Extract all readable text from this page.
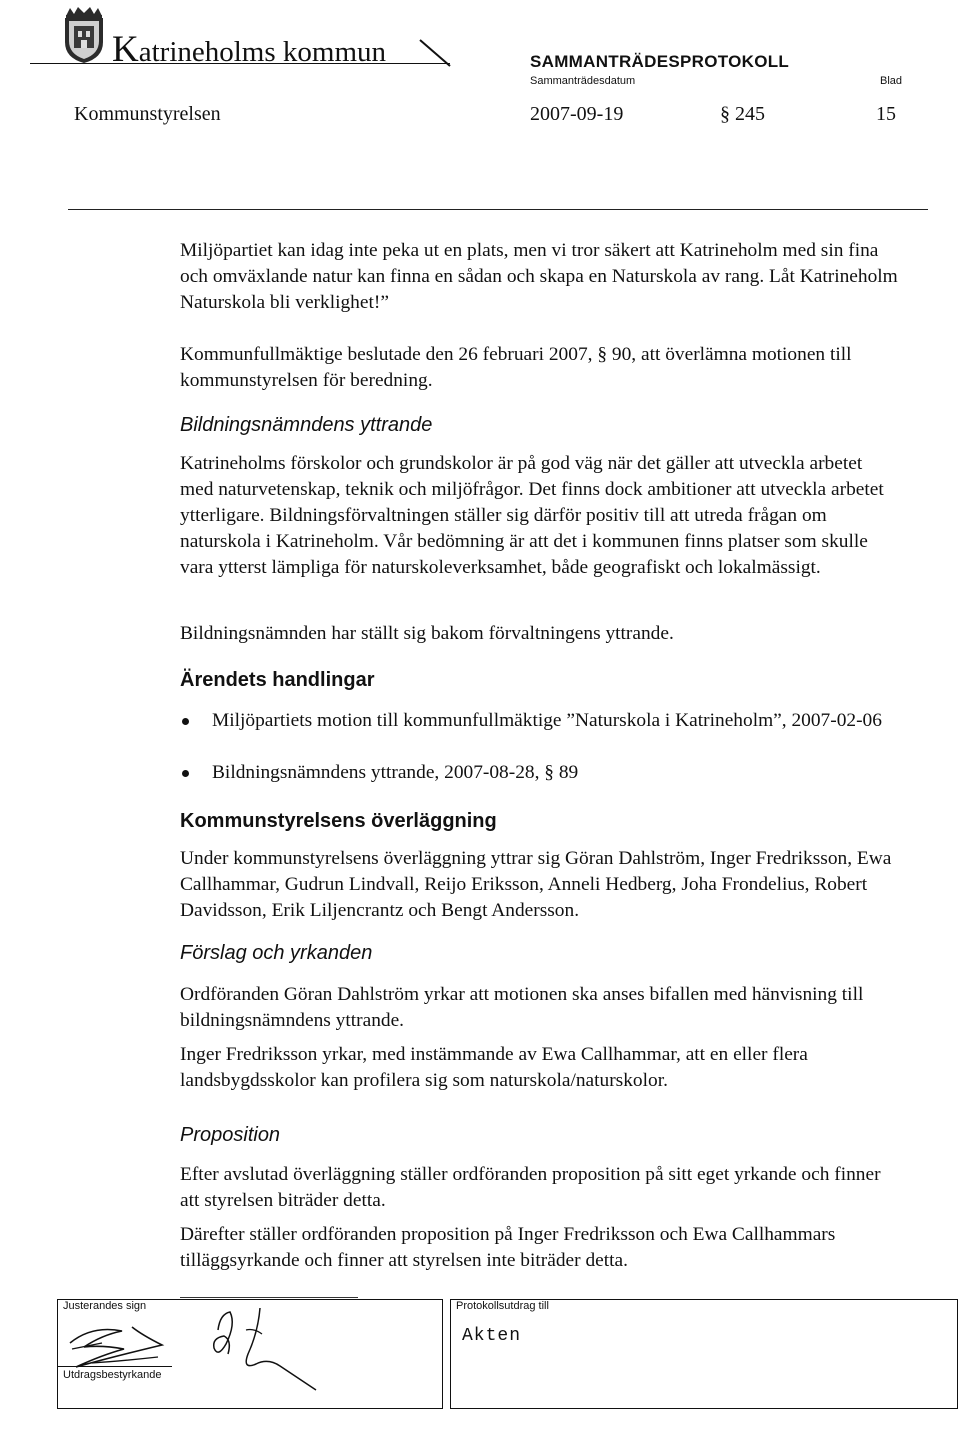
Katrineholms kommun	SAMMANTRÄDESPROTOKOLL
Sammanträdesdatum	Blad
Kommunstyrelsen	2007-09-19	§ 245	15

Miljöpartiet kan idag inte peka ut en plats, men vi tror säkert att Katrineholm med sin fina och omväxlande natur kan finna en sådan och skapa en Naturskola av rang. Låt Katrineholm Naturskola bli verklighet!”

Kommunfullmäktige beslutade den 26 februari 2007, § 90, att överlämna motionen till kommunstyrelsen för beredning.

Bildningsnämndens yttrande

Katrineholms förskolor och grundskolor är på god väg när det gäller att utveckla arbetet med naturvetenskap, teknik och miljöfrågor. Det finns dock ambitioner att utveckla arbetet ytterligare. Bildningsförvaltningen ställer sig därför positiv till att utreda frågan om naturskola i Katrineholm. Vår bedömning är att det i kommunen finns platser som skulle vara ytterst lämpliga för naturskoleverksamhet, både geografiskt och lokalmässigt.

Bildningsnämnden har ställt sig bakom förvaltningens yttrande.

Ärendets handlingar
Miljöpartiets motion till kommunfullmäktige ”Naturskola i Katrineholm”, 2007-02-06
Bildningsnämndens yttrande, 2007-08-28, § 89
Kommunstyrelsens överläggning

Under kommunstyrelsens överläggning yttrar sig Göran Dahlström, Inger Fredriksson, Ewa Callhammar, Gudrun Lindvall, Reijo Eriksson, Anneli Hedberg, Joha Frondelius, Robert Davidsson, Erik Liljencrantz och Bengt Andersson.

Förslag och yrkanden

Ordföranden Göran Dahlström yrkar att motionen ska anses bifallen med hänvisning till bildningsnämndens yttrande.

Inger Fredriksson yrkar, med instämmande av Ewa Callhammar, att en eller flera landsbygdsskolor kan profilera sig som naturskola/naturskolor.

Proposition

Efter avslutad överläggning ställer ordföranden proposition på sitt eget yrkande och finner att styrelsen biträder detta.

Därefter ställer ordföranden proposition på Inger Fredriksson och Ewa Callhammars tilläggsyrkande och finner att styrelsen inte biträder detta.

Justerandes sign
Utdragsbestyrkande
Protokollsutdrag till
Akten
